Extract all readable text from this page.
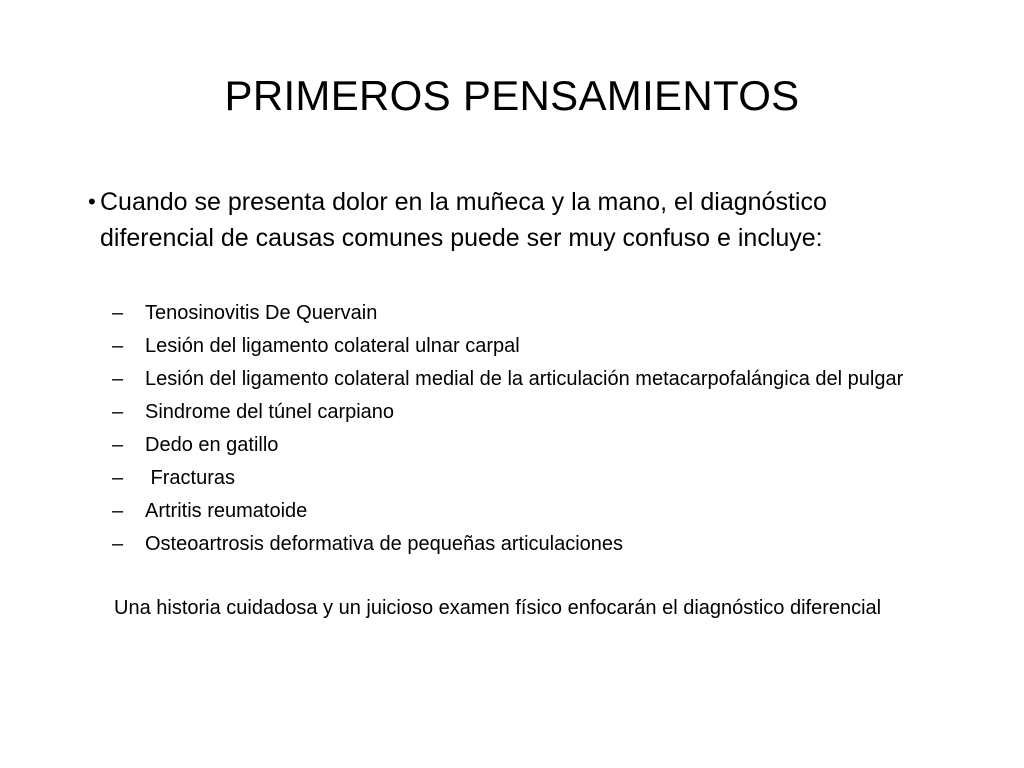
PRIMEROS PENSAMIENTOS
• Cuando se presenta dolor en la muñeca y la mano, el diagnóstico diferencial de causas comunes puede ser muy confuso e incluye:
–	Tenosinovitis De Quervain
–	Lesión del ligamento colateral ulnar carpal
–	Lesión del ligamento colateral medial de la articulación metacarpofalángica del pulgar
–	Sindrome del túnel carpiano
–	Dedo en gatillo
–	Fracturas
–	Artritis reumatoide
–	Osteoartrosis deformativa de pequeñas articulaciones
Una historia cuidadosa y un juicioso examen físico enfocarán el diagnóstico diferencial
